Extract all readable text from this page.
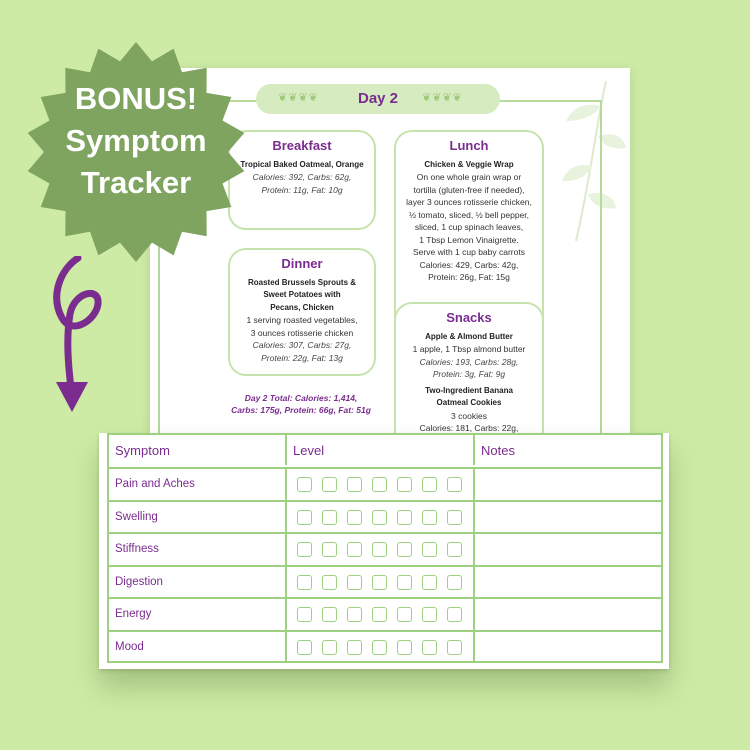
Day 2
❦❦❦❦	❦❦❦❦
Breakfast
Tropical Baked Oatmeal, Orange
Calories: 392, Carbs: 62g,
Protein: 11g, Fat: 10g
Lunch
Chicken & Veggie Wrap
On one whole grain wrap or
tortilla (gluten-free if needed),
layer 3 ounces rotisserie chicken,
½ tomato, sliced, ½ bell pepper,
sliced, 1 cup spinach leaves,
1 Tbsp Lemon Vinaigrette.
Serve with 1 cup baby carrots
Calories: 429, Carbs: 42g,
Protein: 26g, Fat: 15g
Dinner
Roasted Brussels Sprouts &
Sweet Potatoes with
Pecans, Chicken
1 serving roasted vegetables,
3 ounces rotisserie chicken
Calories: 307, Carbs: 27g,
Protein: 22g, Fat: 13g
Snacks
Apple & Almond Butter
1 apple, 1 Tbsp almond butter
Calories: 193, Carbs: 28g,
Protein: 3g, Fat: 9g
Two-Ingredient Banana
Oatmeal Cookies
3 cookies
Calories: 181, Carbs: 22g,
Day 2 Total: Calories: 1,414,
Carbs: 175g, Protein: 66g, Fat: 51g
BONUS!
Symptom
Tracker
Symptom	Level	Notes
Pain and Aches
Swelling
Stiffness
Digestion
Energy
Mood
